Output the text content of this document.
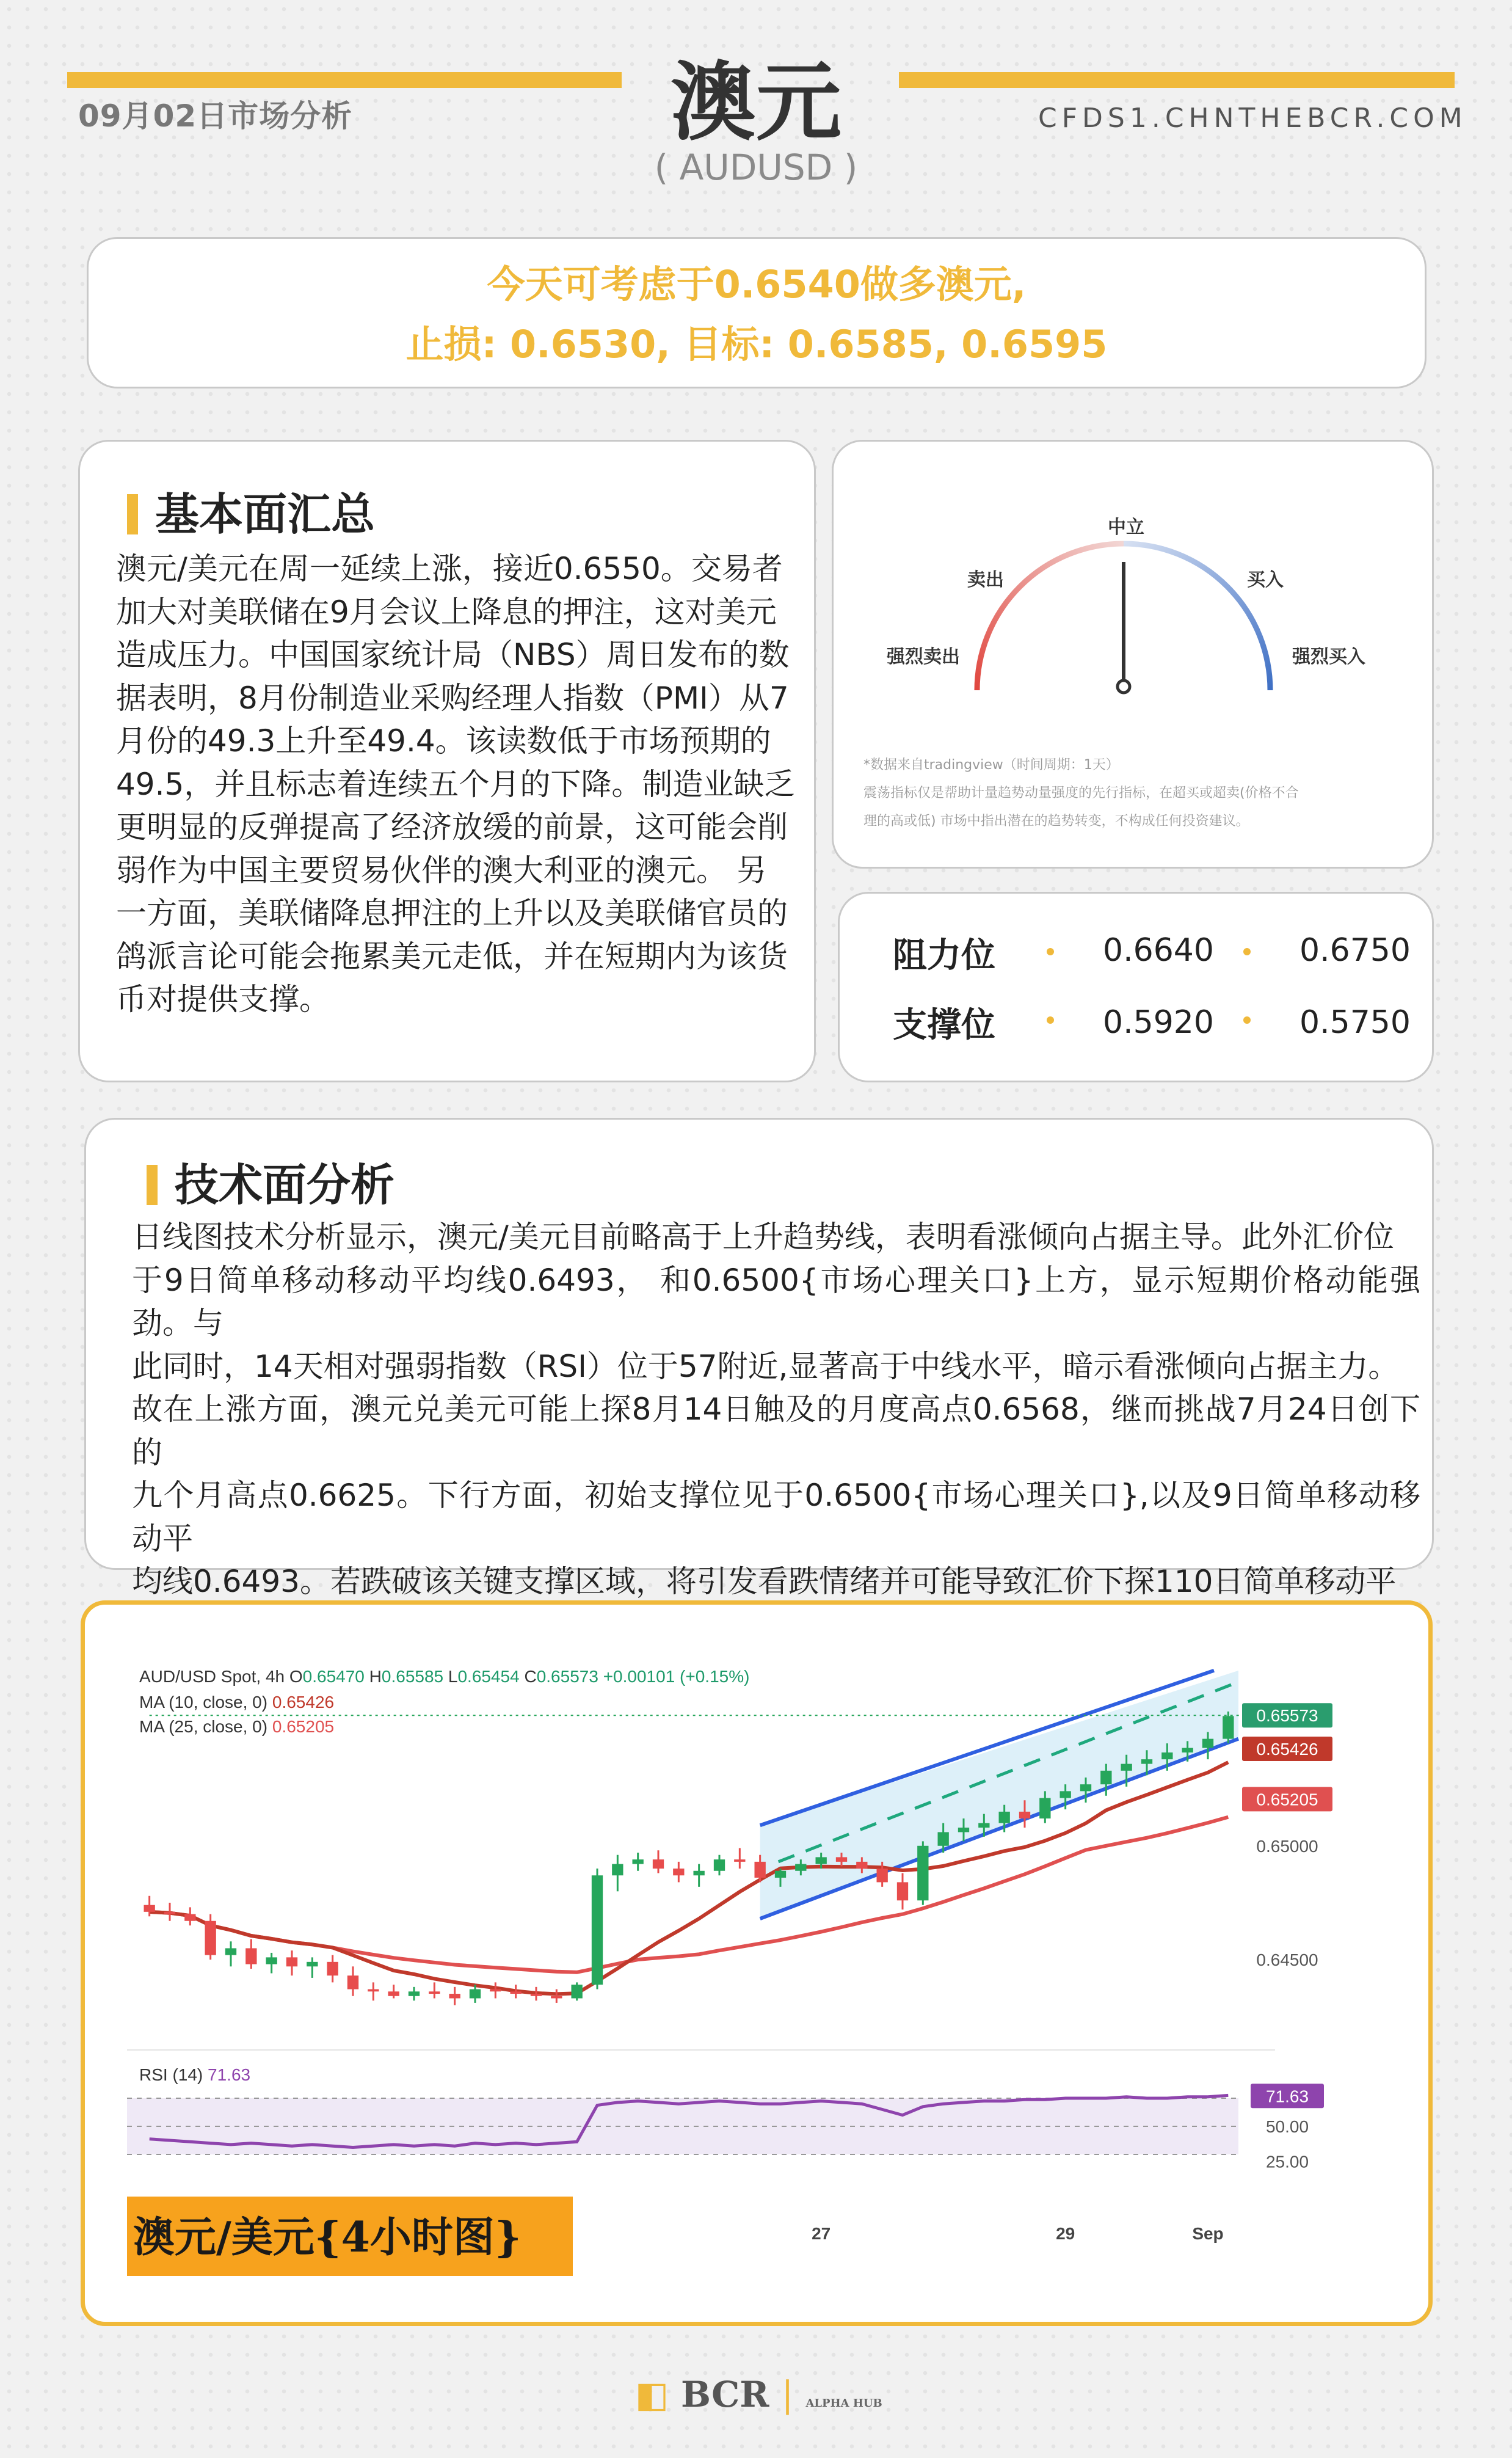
09月02日市场分析	澳元
( AUDUSD )
CFDS1.CHNTHEBCR.COM
今天可考虑于0.6540做多澳元,
止损: 0.6530, 目标: 0.6585, 0.6595
基本面汇总
澳元/美元在周一延续上涨，接近0.6550。交易者
加大对美联储在9月会议上降息的押注，这对美元
造成压力。中国国家统计局（NBS）周日发布的数
据表明，8月份制造业采购经理人指数（PMI）从7
月份的49.3上升至49.4。该读数低于市场预期的
49.5，并且标志着连续五个月的下降。制造业缺乏
更明显的反弹提高了经济放缓的前景，这可能会削
弱作为中国主要贸易伙伴的澳大利亚的澳元。 另
一方面，美联储降息押注的上升以及美联储官员的
鸽派言论可能会拖累美元走低，并在短期内为该货
币对提供支撑。
中立
卖出	买入
强烈卖出	强烈买入
*数据来自tradingview（时间周期：1天）
震荡指标仅是帮助计量趋势动量强度的先行指标，在超买或超卖(价格不合
理的高或低) 市场中指出潜在的趋势转变，不构成任何投资建议。
阻力位	0.6640	0.6750
支撑位	0.5920	0.5750
技术面分析
日线图技术分析显示，澳元/美元目前略高于上升趋势线，表明看涨倾向占据主导。此外汇价位
于9日简单移动移动平均线0.6493， 和0.6500{市场心理关口}上方，显示短期价格动能强劲。与
此同时，14天相对强弱指数（RSI）位于57附近,显著高于中线水平，暗示看涨倾向占据主力。
故在上涨方面，澳元兑美元可能上探8月14日触及的月度高点0.6568，继而挑战7月24日创下的
九个月高点0.6625。下行方面，初始支撑位见于0.6500{市场心理关口},以及9日简单移动移动平
均线0.6493。若跌破该关键支撑区域，将引发看跌情绪并可能导致汇价下探110日简单移动平
AUD/USD Spot, 4h O0.65470 H0.65585 L0.65454 C0.65573 +0.00101 (+0.15%)
MA (10, close, 0) 0.65426
MA (25, close, 0) 0.65205
0.65000
0.64500
0.65573
0.65426
0.65205
RSI (14) 71.63
71.63
50.00
25.00
27	29	Sep
澳元/美元{4小时图}
◧ BCR | ALPHA HUB
